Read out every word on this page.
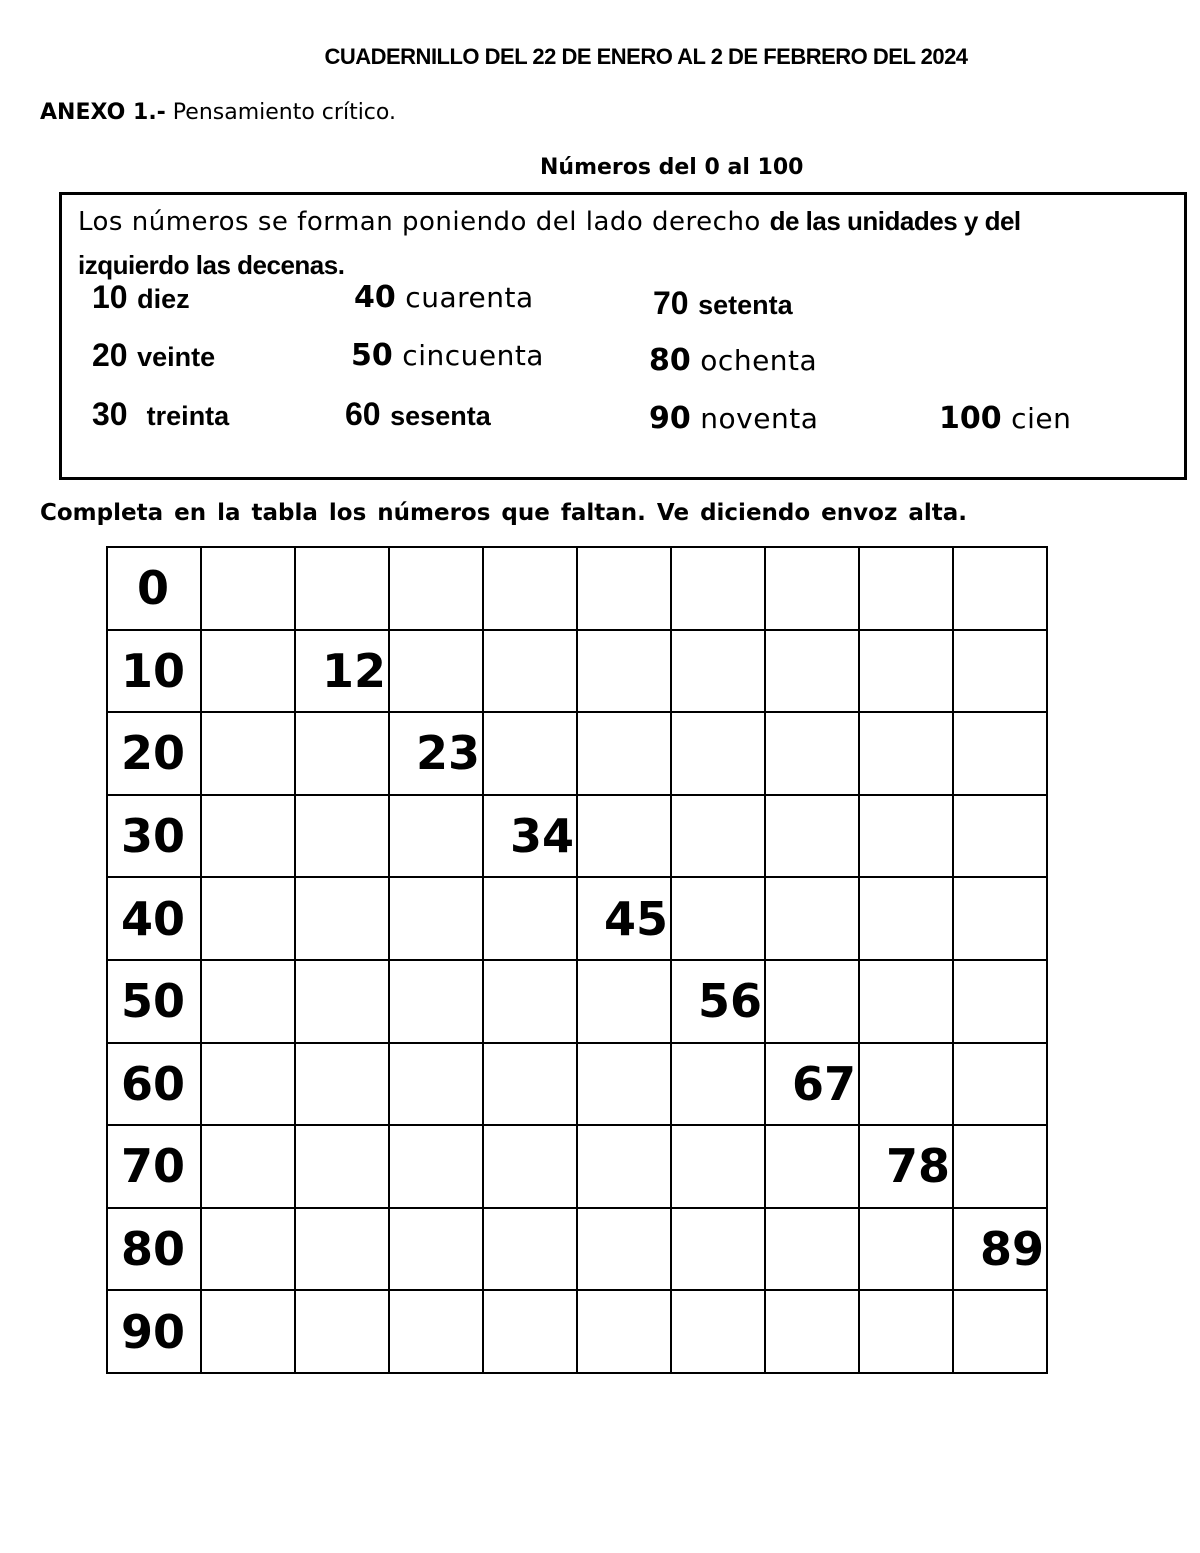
CUADERNILLO DEL 22 DE ENERO AL 2 DE FEBRERO DEL 2024
ANEXO 1.- Pensamiento crítico.
Números del 0 al 100
Los números se forman poniendo del lado derecho de las unidades y del
izquierdo las decenas.
10 diez
20 veinte
30 treinta
40 cuarenta
50 cincuenta
60 sesenta
70 setenta
80 ochenta
90 noventa	100 cien
Completa en la tabla los números que faltan. Ve diciendo envoz alta.
0									
10		12							
20			23						
30				34					
40					45				
50						56			
60							67		
70								78	
80									89
90									
